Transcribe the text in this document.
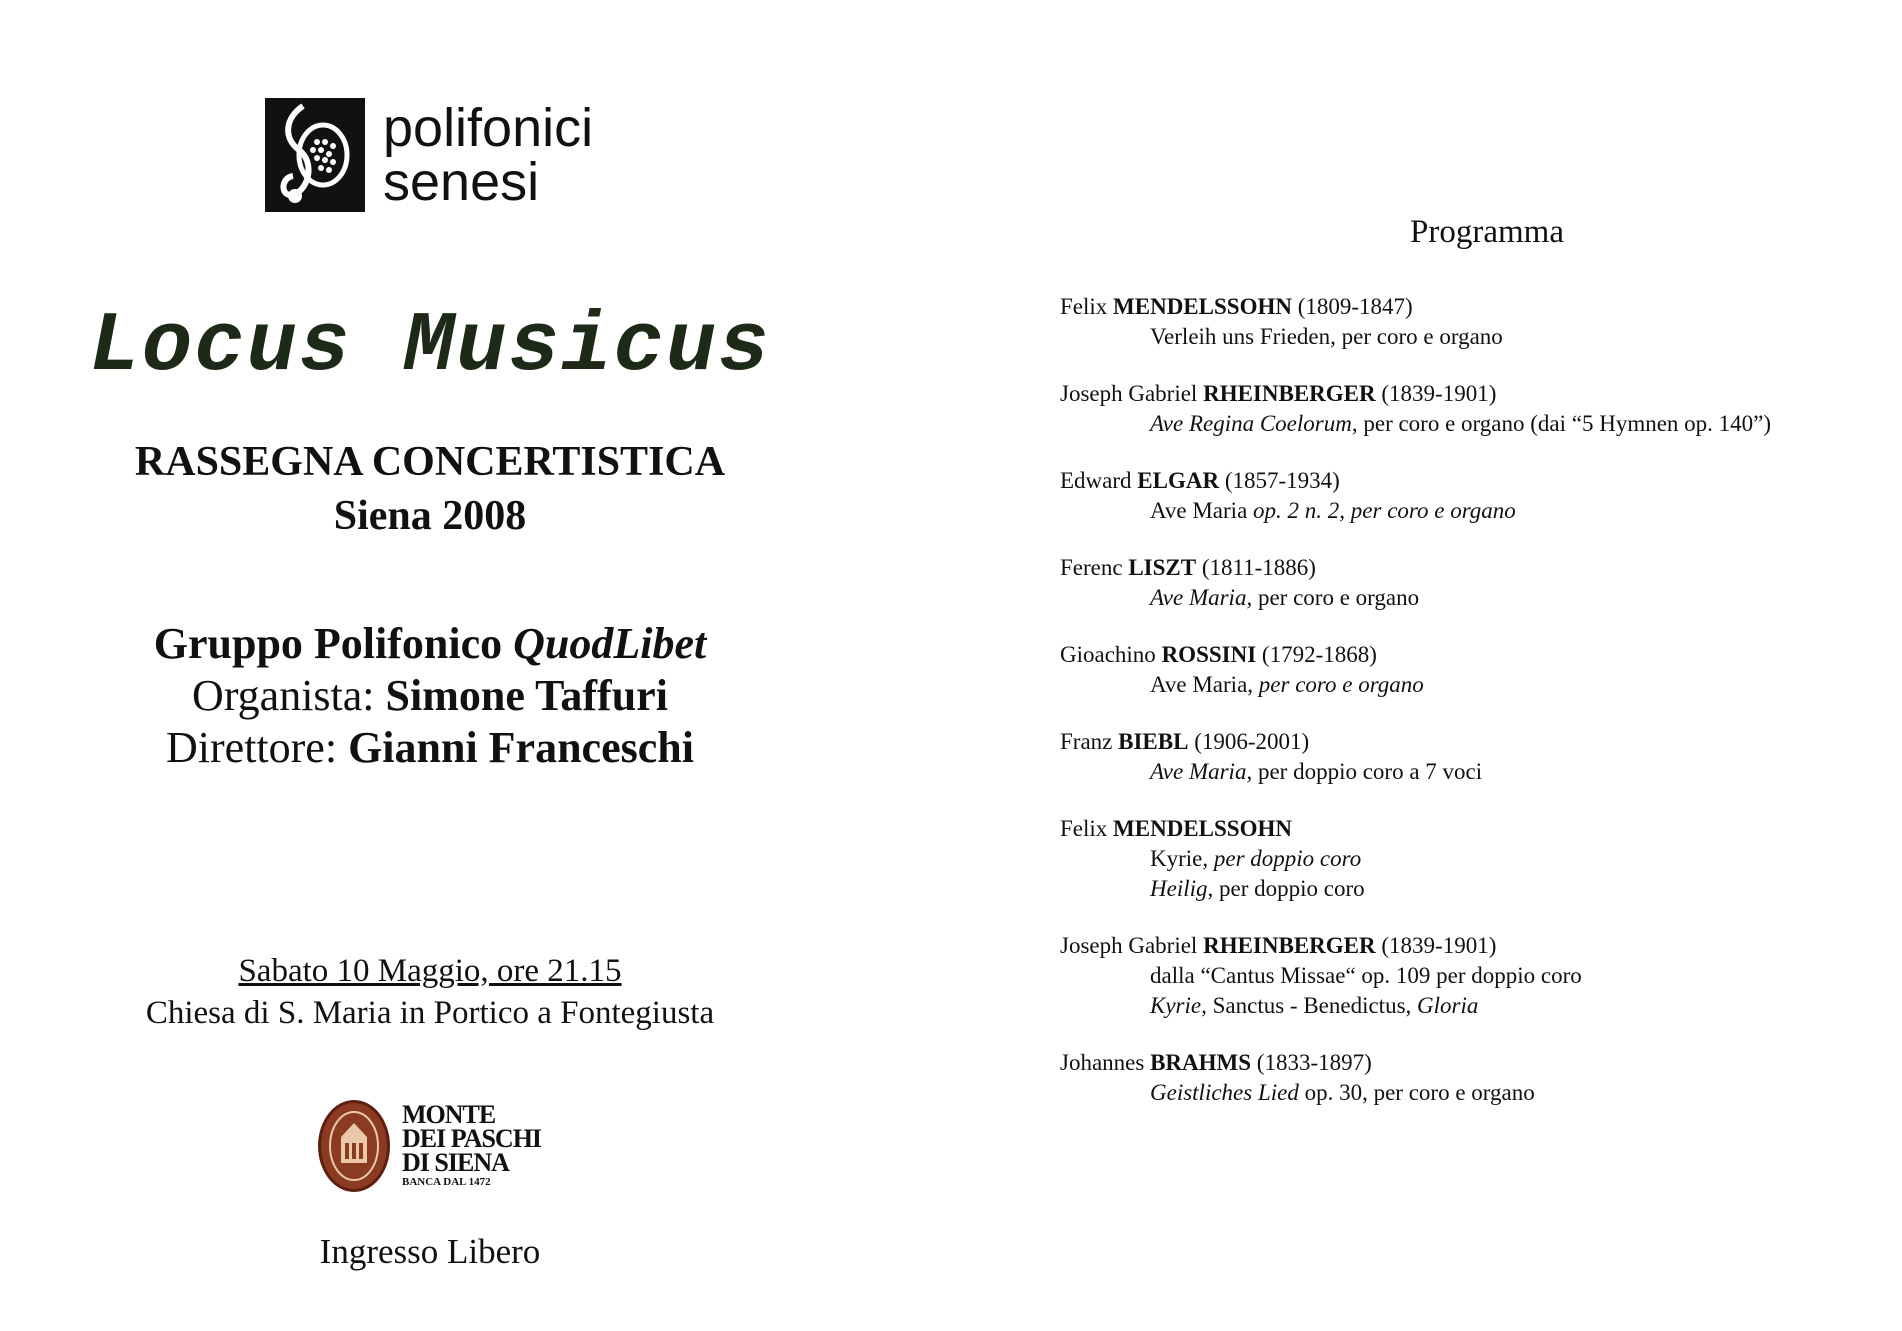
polifonici
senesi
Locus Musicus
RASSEGNA CONCERTISTICA
Siena 2008
Gruppo Polifonico QuodLibet
Organista: Simone Taffuri
Direttore: Gianni Franceschi
Sabato 10 Maggio, ore 21.15
Chiesa di S. Maria in Portico a Fontegiusta
MONTE
DEI PASCHI
DI SIENA
BANCA DAL 1472
Ingresso Libero
Programma
Felix MENDELSSOHN (1809-1847)
Verleih uns Frieden, per coro e organo
Joseph Gabriel RHEINBERGER (1839-1901)
Ave Regina Coelorum, per coro e organo (dai “5 Hymnen op. 140”)
Edward ELGAR (1857-1934)
Ave Maria op. 2 n. 2, per coro e organo
Ferenc LISZT (1811-1886)
Ave Maria, per coro e organo
Gioachino ROSSINI (1792-1868)
Ave Maria, per coro e organo
Franz BIEBL (1906-2001)
Ave Maria, per doppio coro a 7 voci
Felix MENDELSSOHN
Kyrie, per doppio coro
Heilig, per doppio coro
Joseph Gabriel RHEINBERGER (1839-1901)
dalla “Cantus Missae“ op. 109 per doppio coro
Kyrie, Sanctus - Benedictus, Gloria
Johannes BRAHMS (1833-1897)
Geistliches Lied op. 30, per coro e organo
